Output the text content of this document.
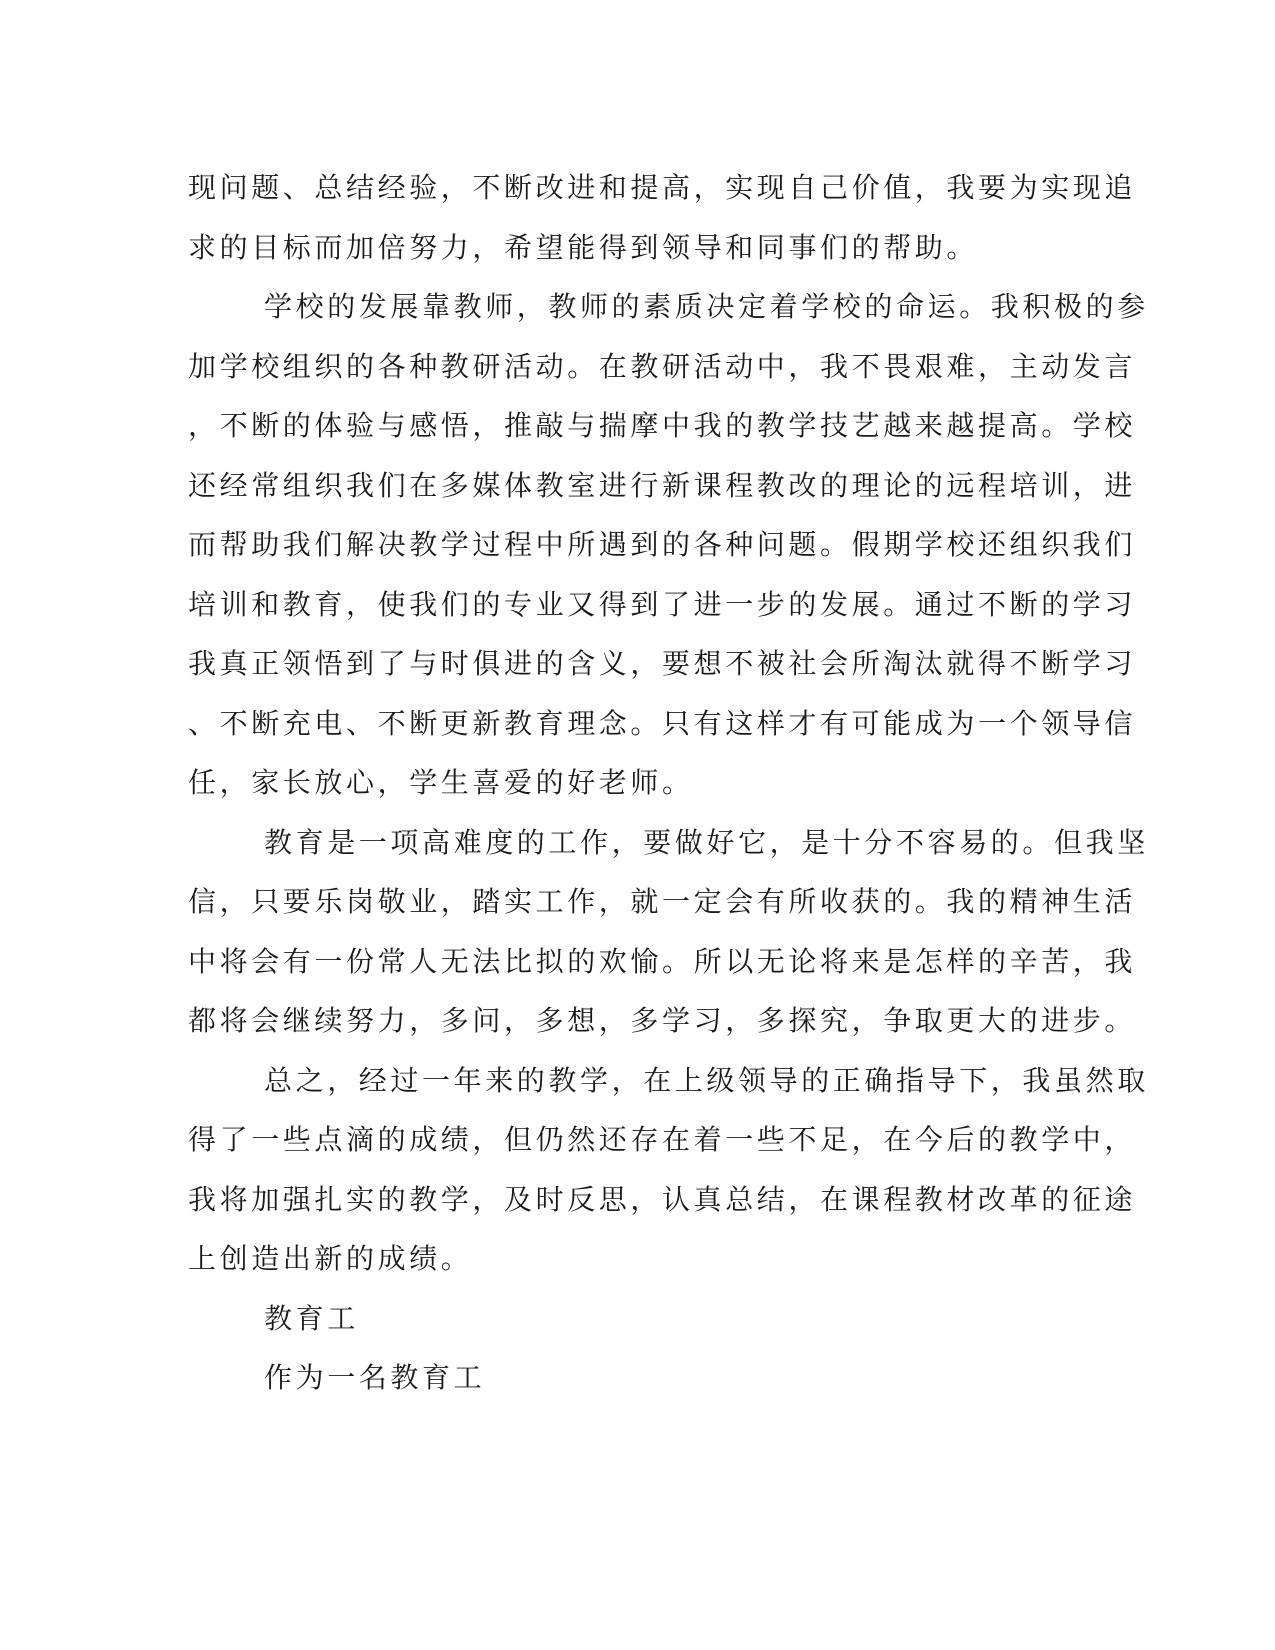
现问题、总结经验，不断改进和提高，实现自己价值，我要为实现追
求的目标而加倍努力，希望能得到领导和同事们的帮助。
学校的发展靠教师，教师的素质决定着学校的命运。我积极的参
加学校组织的各种教研活动。在教研活动中，我不畏艰难，主动发言
，不断的体验与感悟，推敲与揣摩中我的教学技艺越来越提高。学校
还经常组织我们在多媒体教室进行新课程教改的理论的远程培训，进
而帮助我们解决教学过程中所遇到的各种问题。假期学校还组织我们
培训和教育，使我们的专业又得到了进一步的发展。通过不断的学习
我真正领悟到了与时俱进的含义，要想不被社会所淘汰就得不断学习
、不断充电、不断更新教育理念。只有这样才有可能成为一个领导信
任，家长放心，学生喜爱的好老师。
教育是一项高难度的工作，要做好它，是十分不容易的。但我坚
信，只要乐岗敬业，踏实工作，就一定会有所收获的。我的精神生活
中将会有一份常人无法比拟的欢愉。所以无论将来是怎样的辛苦，我
都将会继续努力，多问，多想，多学习，多探究，争取更大的进步。
总之，经过一年来的教学，在上级领导的正确指导下，我虽然取
得了一些点滴的成绩，但仍然还存在着一些不足，在今后的教学中，
我将加强扎实的教学，及时反思，认真总结，在课程教材改革的征途
上创造出新的成绩。
教育工
作为一名教育工
